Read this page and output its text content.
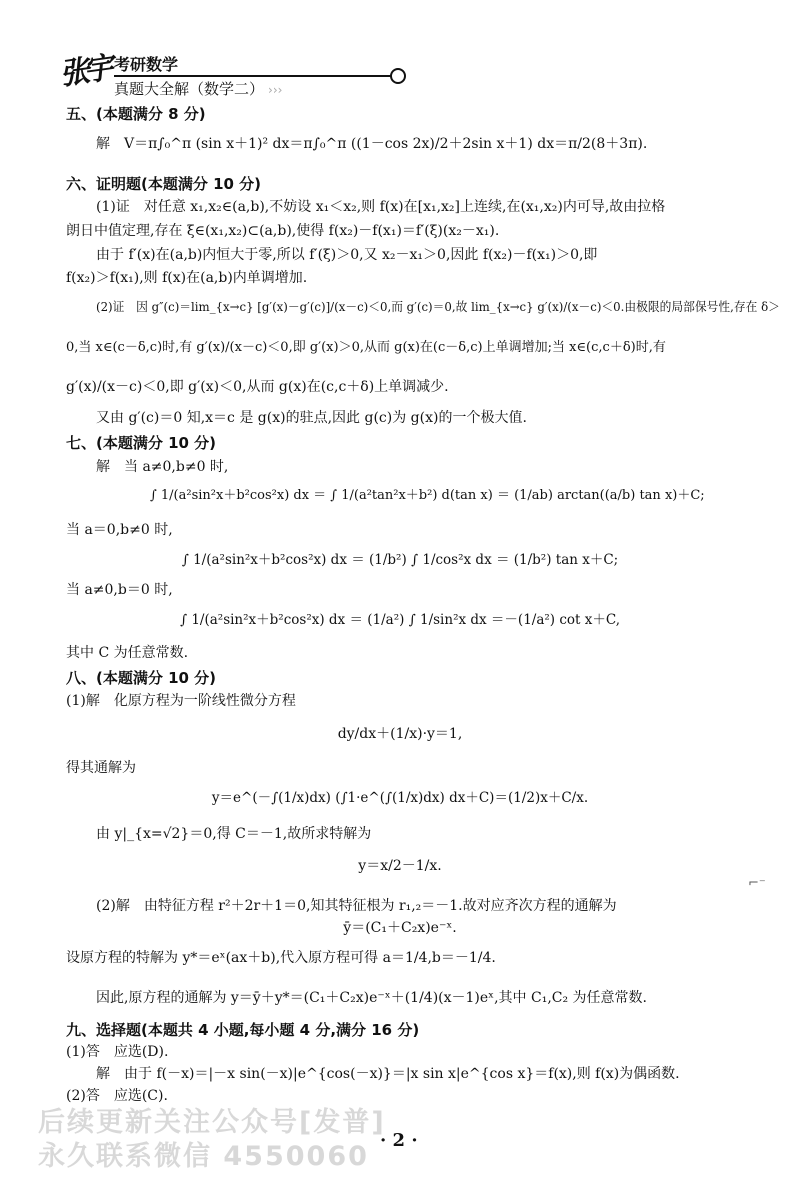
张宇 考研数学
真题大全解（数学二） ›››
五、(本题满分 8 分)
解　V＝π∫₀^π (sin x＋1)² dx＝π∫₀^π ((1－cos 2x)/2＋2sin x＋1) dx＝π/2(8＋3π).
六、证明题(本题满分 10 分)
(1)证　对任意 x₁,x₂∈(a,b),不妨设 x₁＜x₂,则 f(x)在[x₁,x₂]上连续,在(x₁,x₂)内可导,故由拉格
朗日中值定理,存在 ξ∈(x₁,x₂)⊂(a,b),使得 f(x₂)－f(x₁)＝f′(ξ)(x₂－x₁).
由于 f′(x)在(a,b)内恒大于零,所以 f′(ξ)＞0,又 x₂－x₁＞0,因此 f(x₂)－f(x₁)＞0,即
f(x₂)＞f(x₁),则 f(x)在(a,b)内单调增加.
(2)证　因 g″(c)＝lim_{x→c} [g′(x)－g′(c)]/(x－c)＜0,而 g′(c)＝0,故 lim_{x→c} g′(x)/(x－c)＜0.由极限的局部保号性,存在 δ＞
0,当 x∈(c－δ,c)时,有 g′(x)/(x－c)＜0,即 g′(x)＞0,从而 g(x)在(c－δ,c)上单调增加;当 x∈(c,c＋δ)时,有
g′(x)/(x－c)＜0,即 g′(x)＜0,从而 g(x)在(c,c＋δ)上单调减少.
又由 g′(c)＝0 知,x＝c 是 g(x)的驻点,因此 g(c)为 g(x)的一个极大值.
七、(本题满分 10 分)
解　当 a≠0,b≠0 时,
∫ 1/(a²sin²x＋b²cos²x) dx ＝ ∫ 1/(a²tan²x＋b²) d(tan x) ＝ (1/ab) arctan((a/b) tan x)＋C;
当 a＝0,b≠0 时,
∫ 1/(a²sin²x＋b²cos²x) dx ＝ (1/b²) ∫ 1/cos²x dx ＝ (1/b²) tan x＋C;
当 a≠0,b＝0 时,
∫ 1/(a²sin²x＋b²cos²x) dx ＝ (1/a²) ∫ 1/sin²x dx ＝－(1/a²) cot x＋C,
其中 C 为任意常数.
八、(本题满分 10 分)
(1)解　化原方程为一阶线性微分方程
dy/dx＋(1/x)·y＝1,
得其通解为
y＝e^(－∫(1/x)dx) (∫1·e^(∫(1/x)dx) dx＋C)＝(1/2)x＋C/x.
由 y|_{x=√2}＝0,得 C＝－1,故所求特解为
y＝x/2－1/x.
(2)解　由特征方程 r²＋2r＋1＝0,知其特征根为 r₁,₂＝－1.故对应齐次方程的通解为
ȳ＝(C₁＋C₂x)e⁻ˣ.
设原方程的特解为 y*＝eˣ(ax＋b),代入原方程可得 a＝1/4,b＝－1/4.
因此,原方程的通解为 y＝ȳ＋y*＝(C₁＋C₂x)e⁻ˣ＋(1/4)(x－1)eˣ,其中 C₁,C₂ 为任意常数.
九、选择题(本题共 4 小题,每小题 4 分,满分 16 分)
(1)答　应选(D).
解　由于 f(－x)＝|－x sin(－x)|e^{cos(－x)}＝|x sin x|e^{cos x}＝f(x),则 f(x)为偶函数.
(2)答　应选(C).
⌐⁻
后续更新关注公众号[发普]
永久联系微信 4550060
· 2 ·
